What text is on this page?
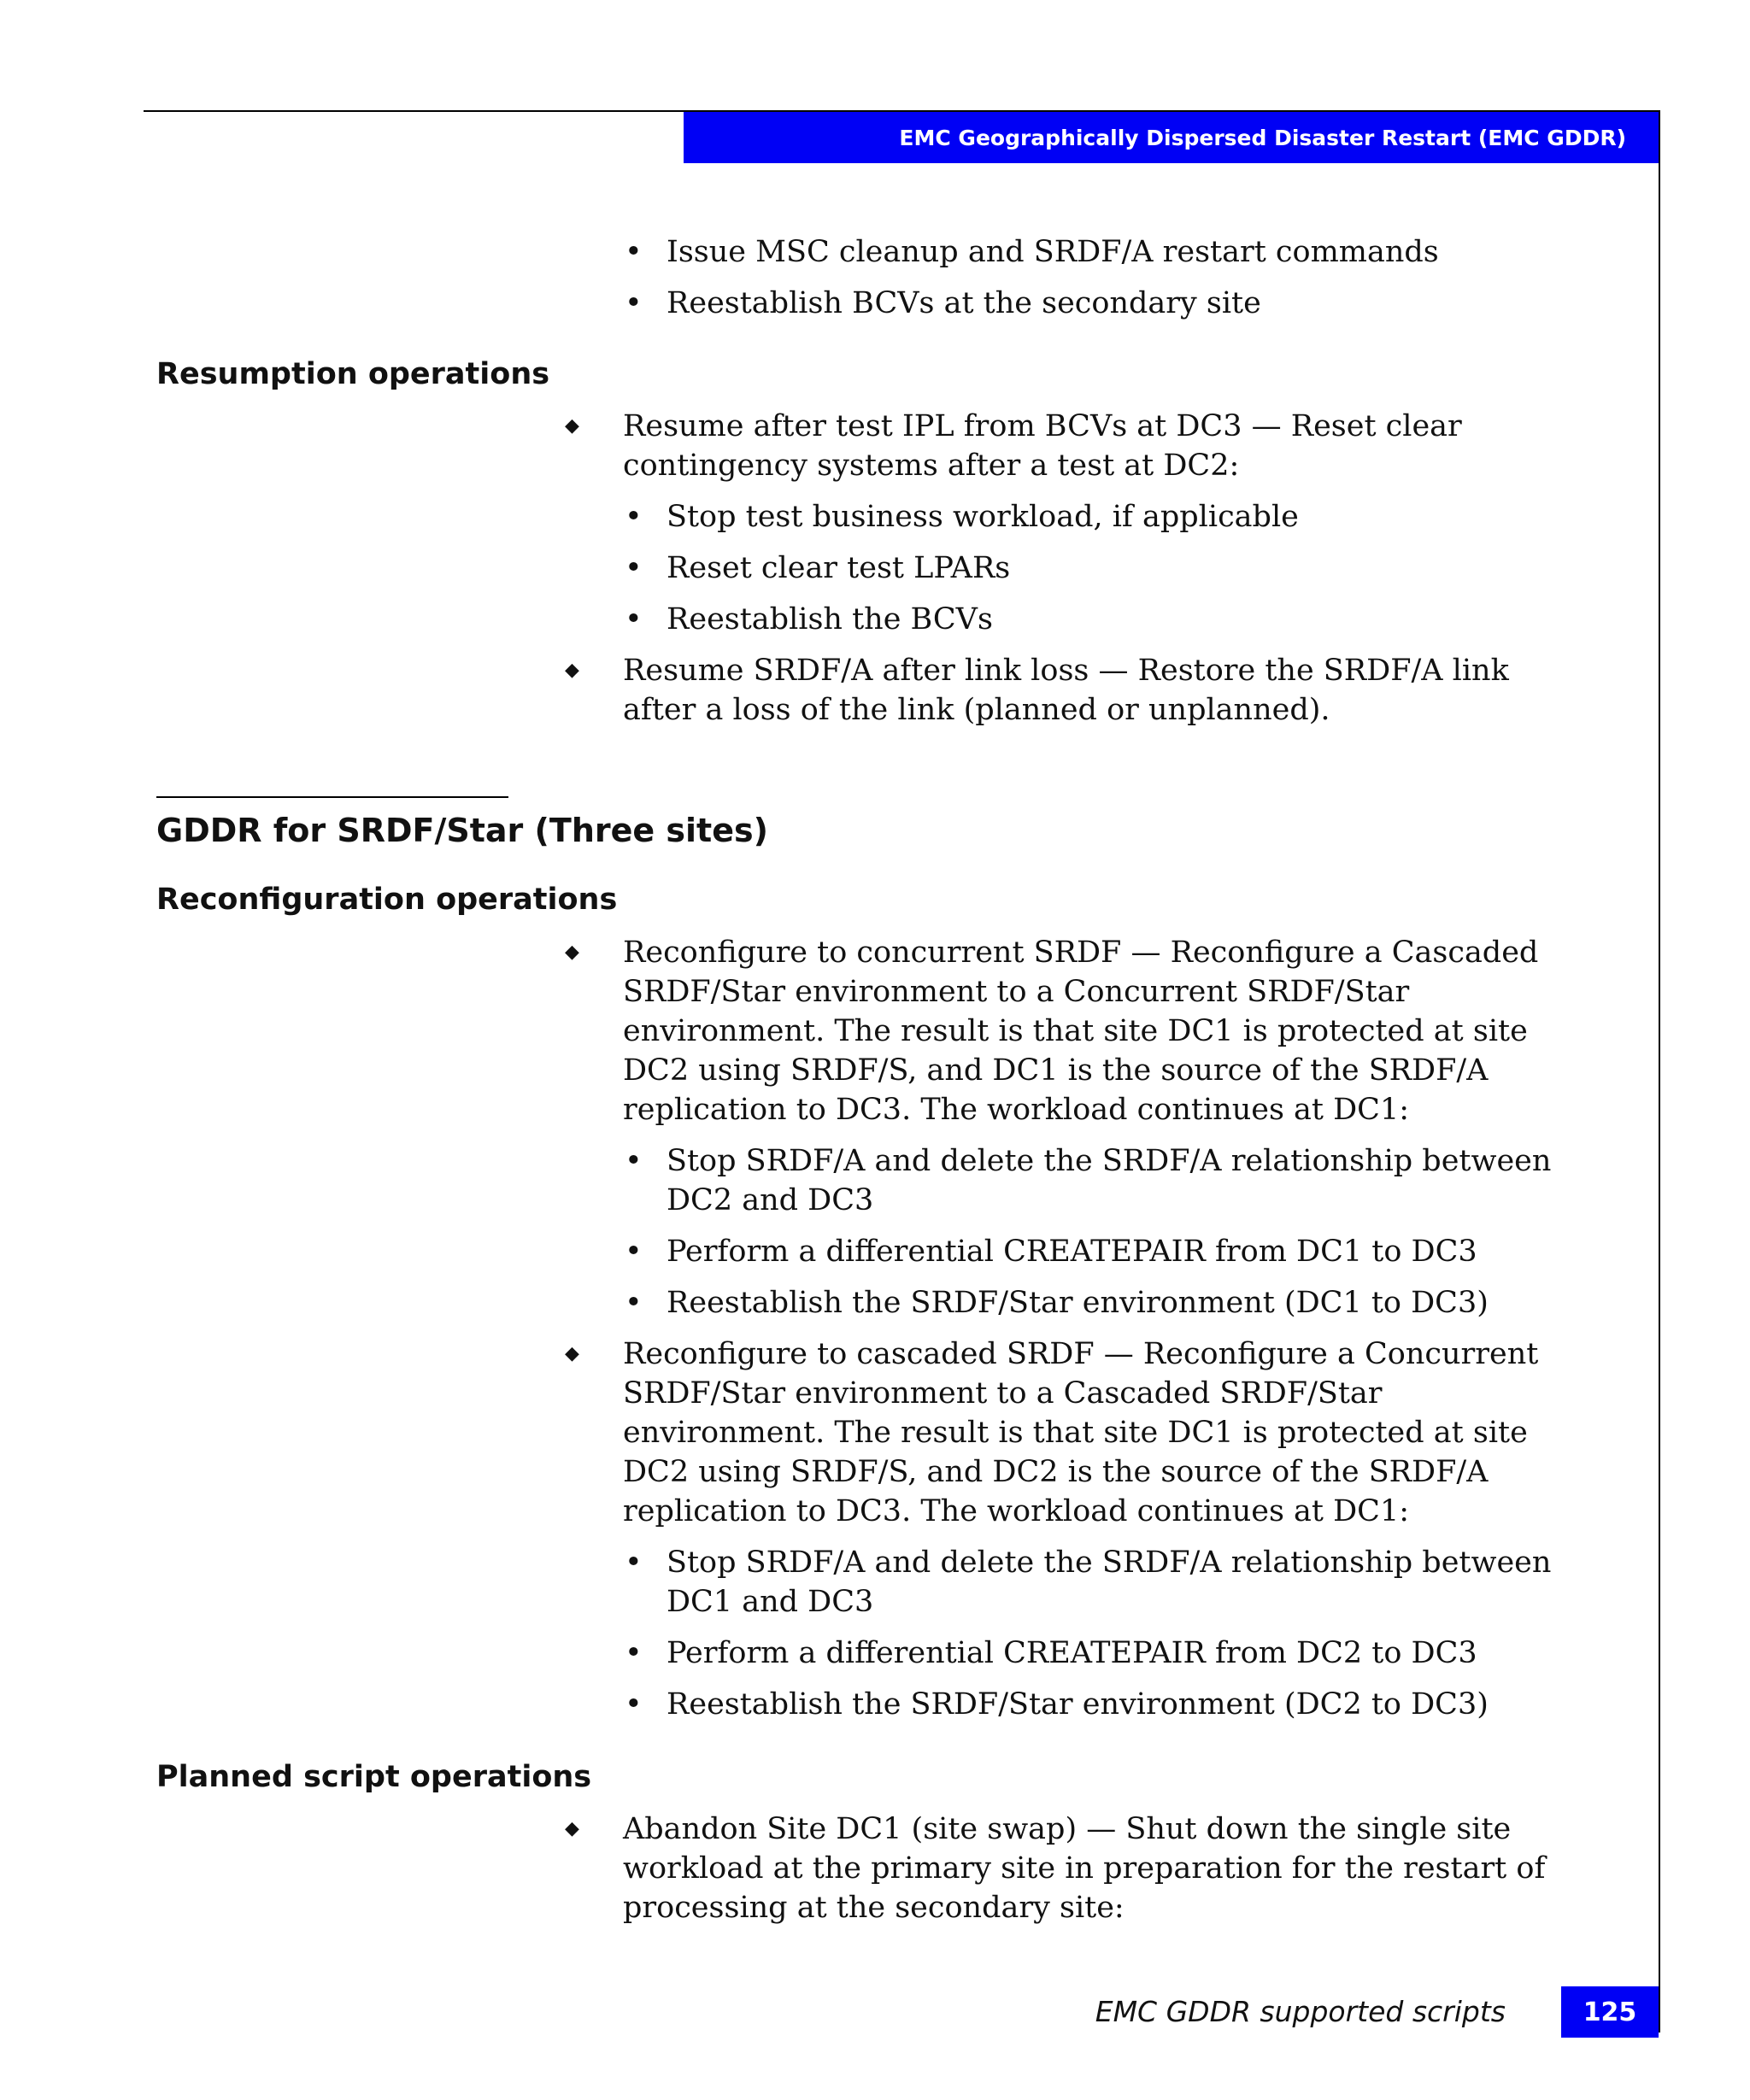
EMC Geographically Dispersed Disaster Restart (EMC GDDR)
• Issue MSC cleanup and SRDF/A restart commands
• Reestablish BCVs at the secondary site
Resumption operations
◆ Resume after test IPL from BCVs at DC3 — Reset clear contingency systems after a test at DC2:
• Stop test business workload, if applicable
• Reset clear test LPARs
• Reestablish the BCVs
◆ Resume SRDF/A after link loss — Restore the SRDF/A link after a loss of the link (planned or unplanned).
GDDR for SRDF/Star (Three sites)
Reconfiguration operations
◆ Reconfigure to concurrent SRDF — Reconfigure a Cascaded SRDF/Star environment to a Concurrent SRDF/Star environment. The result is that site DC1 is protected at site DC2 using SRDF/S, and DC1 is the source of the SRDF/A replication to DC3. The workload continues at DC1:
• Stop SRDF/A and delete the SRDF/A relationship between DC2 and DC3
• Perform a differential CREATEPAIR from DC1 to DC3
• Reestablish the SRDF/Star environment (DC1 to DC3)
◆ Reconfigure to cascaded SRDF — Reconfigure a Concurrent SRDF/Star environment to a Cascaded SRDF/Star environment. The result is that site DC1 is protected at site DC2 using SRDF/S, and DC2 is the source of the SRDF/A replication to DC3. The workload continues at DC1:
• Stop SRDF/A and delete the SRDF/A relationship between DC1 and DC3
• Perform a differential CREATEPAIR from DC2 to DC3
• Reestablish the SRDF/Star environment (DC2 to DC3)
Planned script operations
◆ Abandon Site DC1 (site swap) — Shut down the single site workload at the primary site in preparation for the restart of processing at the secondary site:
EMC GDDR supported scripts	125
